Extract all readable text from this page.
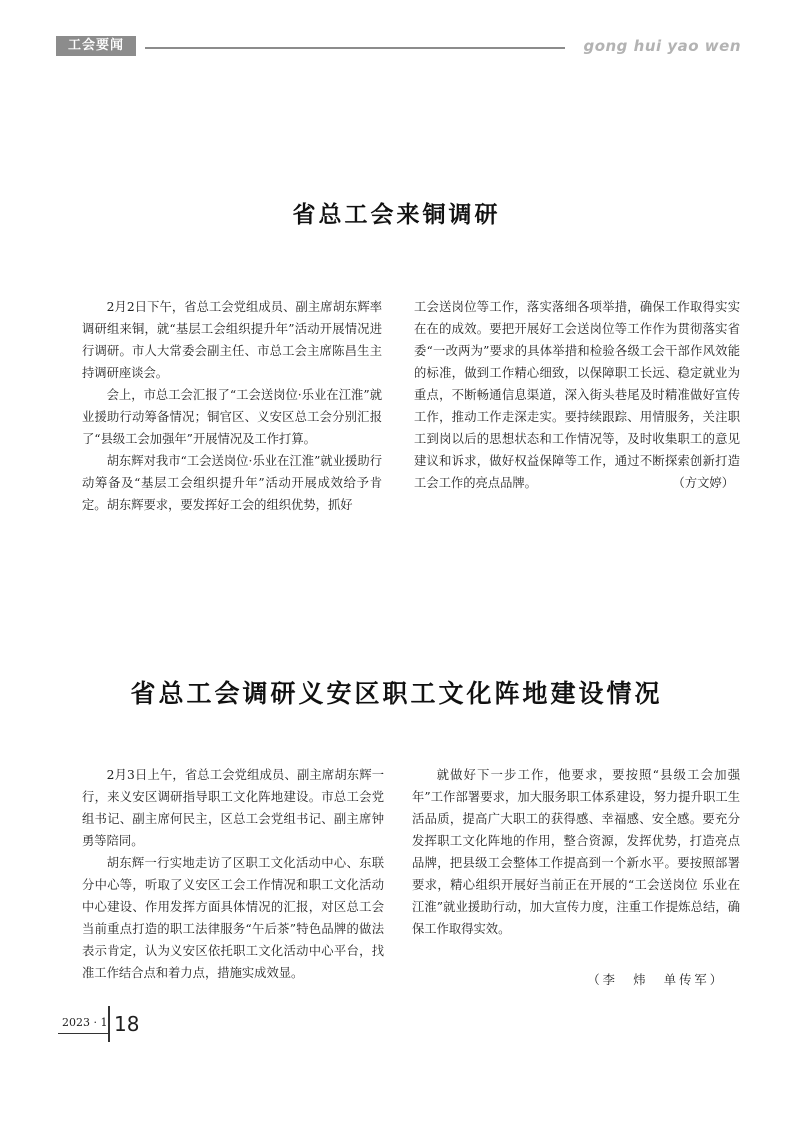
工会要闻	gong hui yao wen
省总工会来铜调研

2月2日下午，省总工会党组成员、副主席胡东辉率调研组来铜，就“基层工会组织提升年”活动开展情况进行调研。市人大常委会副主任、市总工会主席陈昌生主持调研座谈会。

会上，市总工会汇报了“工会送岗位·乐业在江淮”就业援助行动筹备情况；铜官区、义安区总工会分别汇报了“县级工会加强年”开展情况及工作打算。

胡东辉对我市“工会送岗位·乐业在江淮”就业援助行动筹备及“基层工会组织提升年”活动开展成效给予肯定。胡东辉要求，要发挥好工会的组织优势，抓好

工会送岗位等工作，落实落细各项举措，确保工作取得实实在在的成效。要把开展好工会送岗位等工作作为贯彻落实省委“一改两为”要求的具体举措和检验各级工会干部作风效能的标准，做到工作精心细致，以保障职工长远、稳定就业为重点，不断畅通信息渠道，深入街头巷尾及时精准做好宣传工作，推动工作走深走实。要持续跟踪、用情服务，关注职工到岗以后的思想状态和工作情况等，及时收集职工的意见建议和诉求，做好权益保障等工作，通过不断探索创新打造工会工作的亮点品牌。	（方文婷）

省总工会调研义安区职工文化阵地建设情况

2月3日上午，省总工会党组成员、副主席胡东辉一行，来义安区调研指导职工文化阵地建设。市总工会党组书记、副主席何民主，区总工会党组书记、副主席钟勇等陪同。

胡东辉一行实地走访了区职工文化活动中心、东联分中心等，听取了义安区工会工作情况和职工文化活动中心建设、作用发挥方面具体情况的汇报，对区总工会当前重点打造的职工法律服务“午后茶”特色品牌的做法表示肯定，认为义安区依托职工文化活动中心平台，找准工作结合点和着力点，措施实成效显。

就做好下一步工作，他要求，要按照“县级工会加强年”工作部署要求，加大服务职工体系建设，努力提升职工生活品质，提高广大职工的获得感、幸福感、安全感。要充分发挥职工文化阵地的作用，整合资源，发挥优势，打造亮点品牌，把县级工会整体工作提高到一个新水平。要按照部署要求，精心组织开展好当前正在开展的“工会送岗位 乐业在江淮”就业援助行动，加大宣传力度，注重工作提炼总结，确保工作取得实效。

（李　炜　单传军）
2023 · 1 18
